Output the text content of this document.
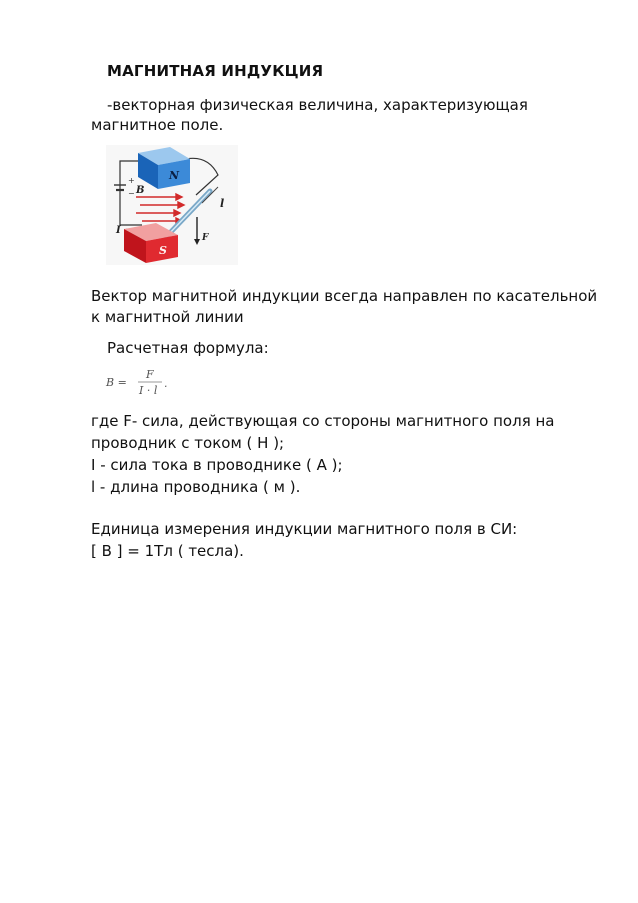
МАГНИТНАЯ ИНДУКЦИЯ
-векторная физическая величина, характеризующая
магнитное поле.
+
−
N
B
l
I
F
S
Вектор магнитной индукции всегда направлен по касательной
к магнитной линии
Расчетная формула:
B =
F
I · l
.
где F- сила, действующая со стороны магнитного поля на
проводник с током ( Н );
I - сила тока в проводнике ( А );
l - длина проводника ( м ).
Единица измерения индукции магнитного поля в СИ:
[ В ] = 1Тл ( тесла).
